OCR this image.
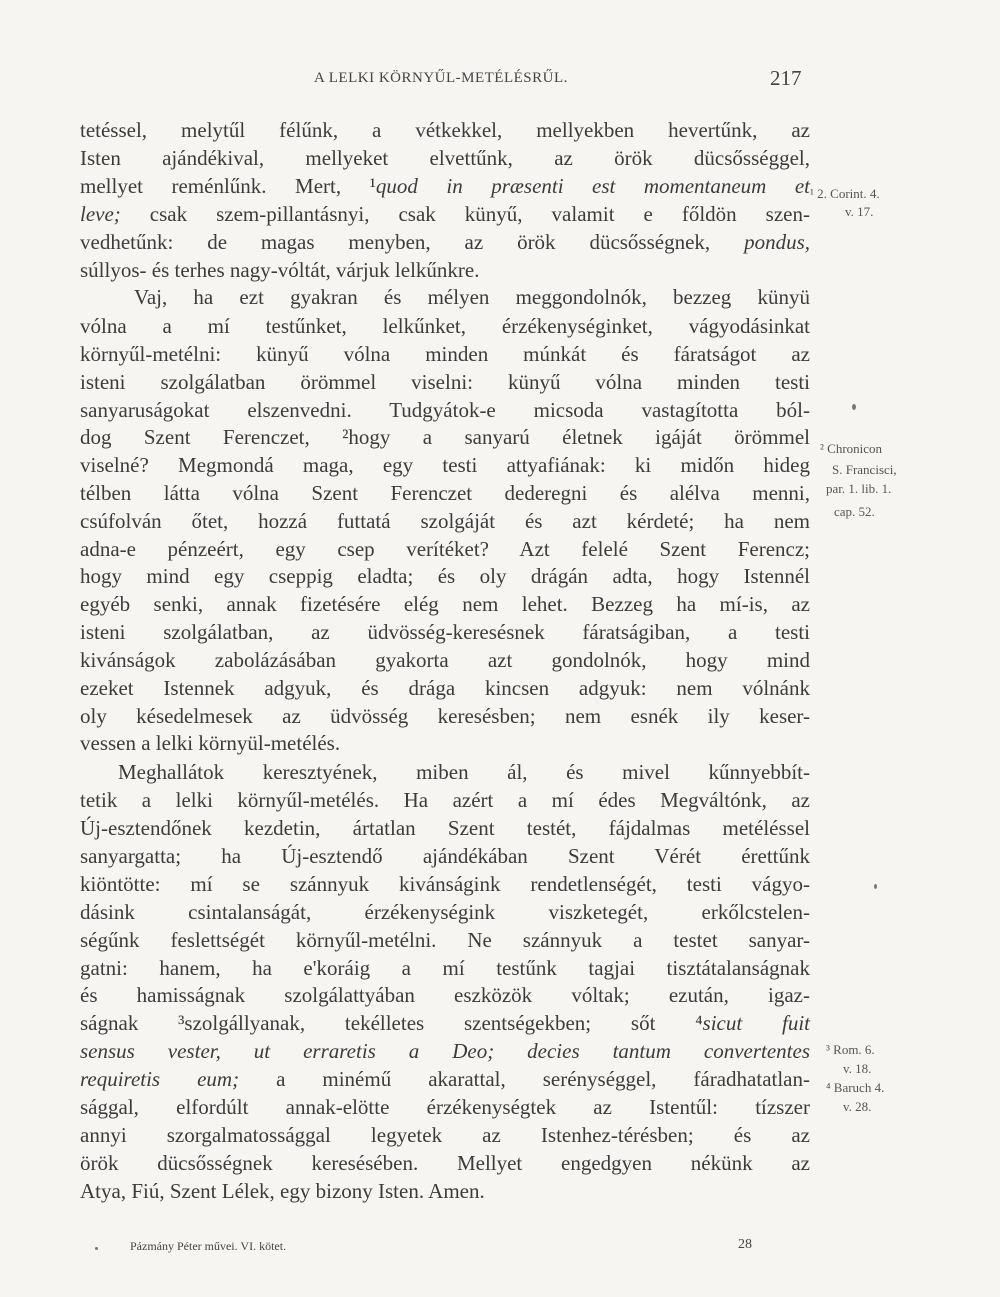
A LELKI KÖRNYŰL-METÉLÉSRŰL.	217
tetéssel, melytűl félűnk, a vétkekkel, mellyekben hevertűnk, az
Isten ajándékival, mellyeket elvettűnk, az örök dücsősséggel,
mellyet reménlűnk. Mert, ¹quod in præsenti est momentaneum et
leve; csak szem-pillantásnyi, csak künyű, valamit e főldön szen-
vedhetűnk: de magas menyben, az örök dücsősségnek, pondus,
súllyos- és terhes nagy-vóltát, várjuk lelkűnkre.
Vaj, ha ezt gyakran és mélyen meggondolnók, bezzeg künyü
vólna a mí testűnket, lelkűnket, érzékenységinket, vágyodásinkat
környűl-metélni: künyű vólna minden múnkát és fáratságot az
isteni szolgálatban örömmel viselni: künyű vólna minden testi
sanyaruságokat elszenvedni. Tudgyátok-e micsoda vastagította ból-
dog Szent Ferenczet, ²hogy a sanyarú életnek igáját örömmel
viselné? Megmondá maga, egy testi attyafiának: ki midőn hideg
télben látta vólna Szent Ferenczet dederegni és alélva menni,
csúfolván őtet, hozzá futtatá szolgáját és azt kérdeté; ha nem
adna-e pénzeért, egy csep verítéket? Azt felelé Szent Ferencz;
hogy mind egy cseppig eladta; és oly drágán adta, hogy Istennél
egyéb senki, annak fizetésére elég nem lehet. Bezzeg ha mí-is, az
isteni szolgálatban, az üdvösség-keresésnek fáratságiban, a testi
kivánságok zabolázásában gyakorta azt gondolnók, hogy mind
ezeket Istennek adgyuk, és drága kincsen adgyuk: nem vólnánk
oly késedelmesek az üdvösség keresésben; nem esnék ily keser-
vessen a lelki környül-metélés.
Meghallátok keresztyének, miben ál, és mivel kűnnyebbít-
tetik a lelki környűl-metélés. Ha azért a mí édes Megváltónk, az
Új-esztendőnek kezdetin, ártatlan Szent testét, fájdalmas metéléssel
sanyargatta; ha Új-esztendő ajándékában Szent Vérét érettűnk
kiöntötte: mí se szánnyuk kivánságink rendetlenségét, testi vágyo-
dásink csintalanságát, érzékenységink viszketegét, erkőlcstelen-
ségűnk feslettségét környűl-metélni. Ne szánnyuk a testet sanyar-
gatni: hanem, ha e'koráig a mí testűnk tagjai tisztátalanságnak
és hamisságnak szolgálattyában eszközök vóltak; ezután, igaz-
ságnak ³szolgállyanak, tekélletes szentségekben; sőt ⁴sicut fuit
sensus vester, ut erraretis a Deo; decies tantum convertentes
requiretis eum; a minémű akarattal, serénységgel, fáradhatatlan-
sággal, elfordúlt annak-elötte érzékenységtek az Istentűl: tízszer
annyi szorgalmatossággal legyetek az Istenhez-térésben; és az
örök dücsősségnek keresésében. Mellyet engedgyen nékünk az
Atya, Fiú, Szent Lélek, egy bizony Isten. Amen.
¹ 2. Corint. 4.
v. 17.
² Chronicon
S. Francisci,
par. 1. lib. 1.
cap. 52.
³ Rom. 6.
v. 18.
⁴ Baruch 4.
v. 28.
Pázmány Péter művei. VI. kötet.	28
